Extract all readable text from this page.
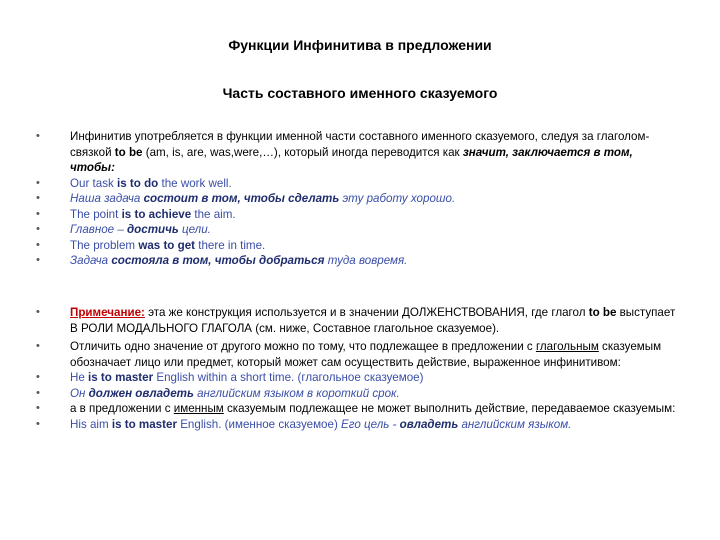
Функции Инфинитива в предложении
Часть составного именного сказуемого
• Инфинитив употребляется в функции именной части составного именного сказуемого, следуя за глаголом-связкой to be (am, is, are, was,were,…), который иногда переводится как значит, заключается в том, чтобы:
• Our task is to do the work well.
• Наша задача состоит в том, чтобы сделать эту работу хорошо.
• The point is to achieve the aim.
• Главное – достичь цели.
• The problem was to get there in time.
• Задача состояла в том, чтобы добраться туда вовремя.
• Примечание: эта же конструкция используется и в значении ДОЛЖЕНСТВОВАНИЯ, где глагол to be выступает В РОЛИ МОДАЛЬНОГО ГЛАГОЛА (см. ниже, Составное глагольное сказуемое).
• Отличить одно значение от другого можно по тому, что подлежащее в предложении с глагольным сказуемым обозначает лицо или предмет, который может сам осуществить действие, выраженное инфинитивом:
• He is to master English within a short time. (глагольное сказуемое)
• Он должен овладеть английским языком в короткий срок.
• а в предложении с именным сказуемым подлежащее не может выполнить действие, передаваемое сказуемым:
• His aim is to master English. (именное сказуемое) Его цель - овладеть английским языком.
